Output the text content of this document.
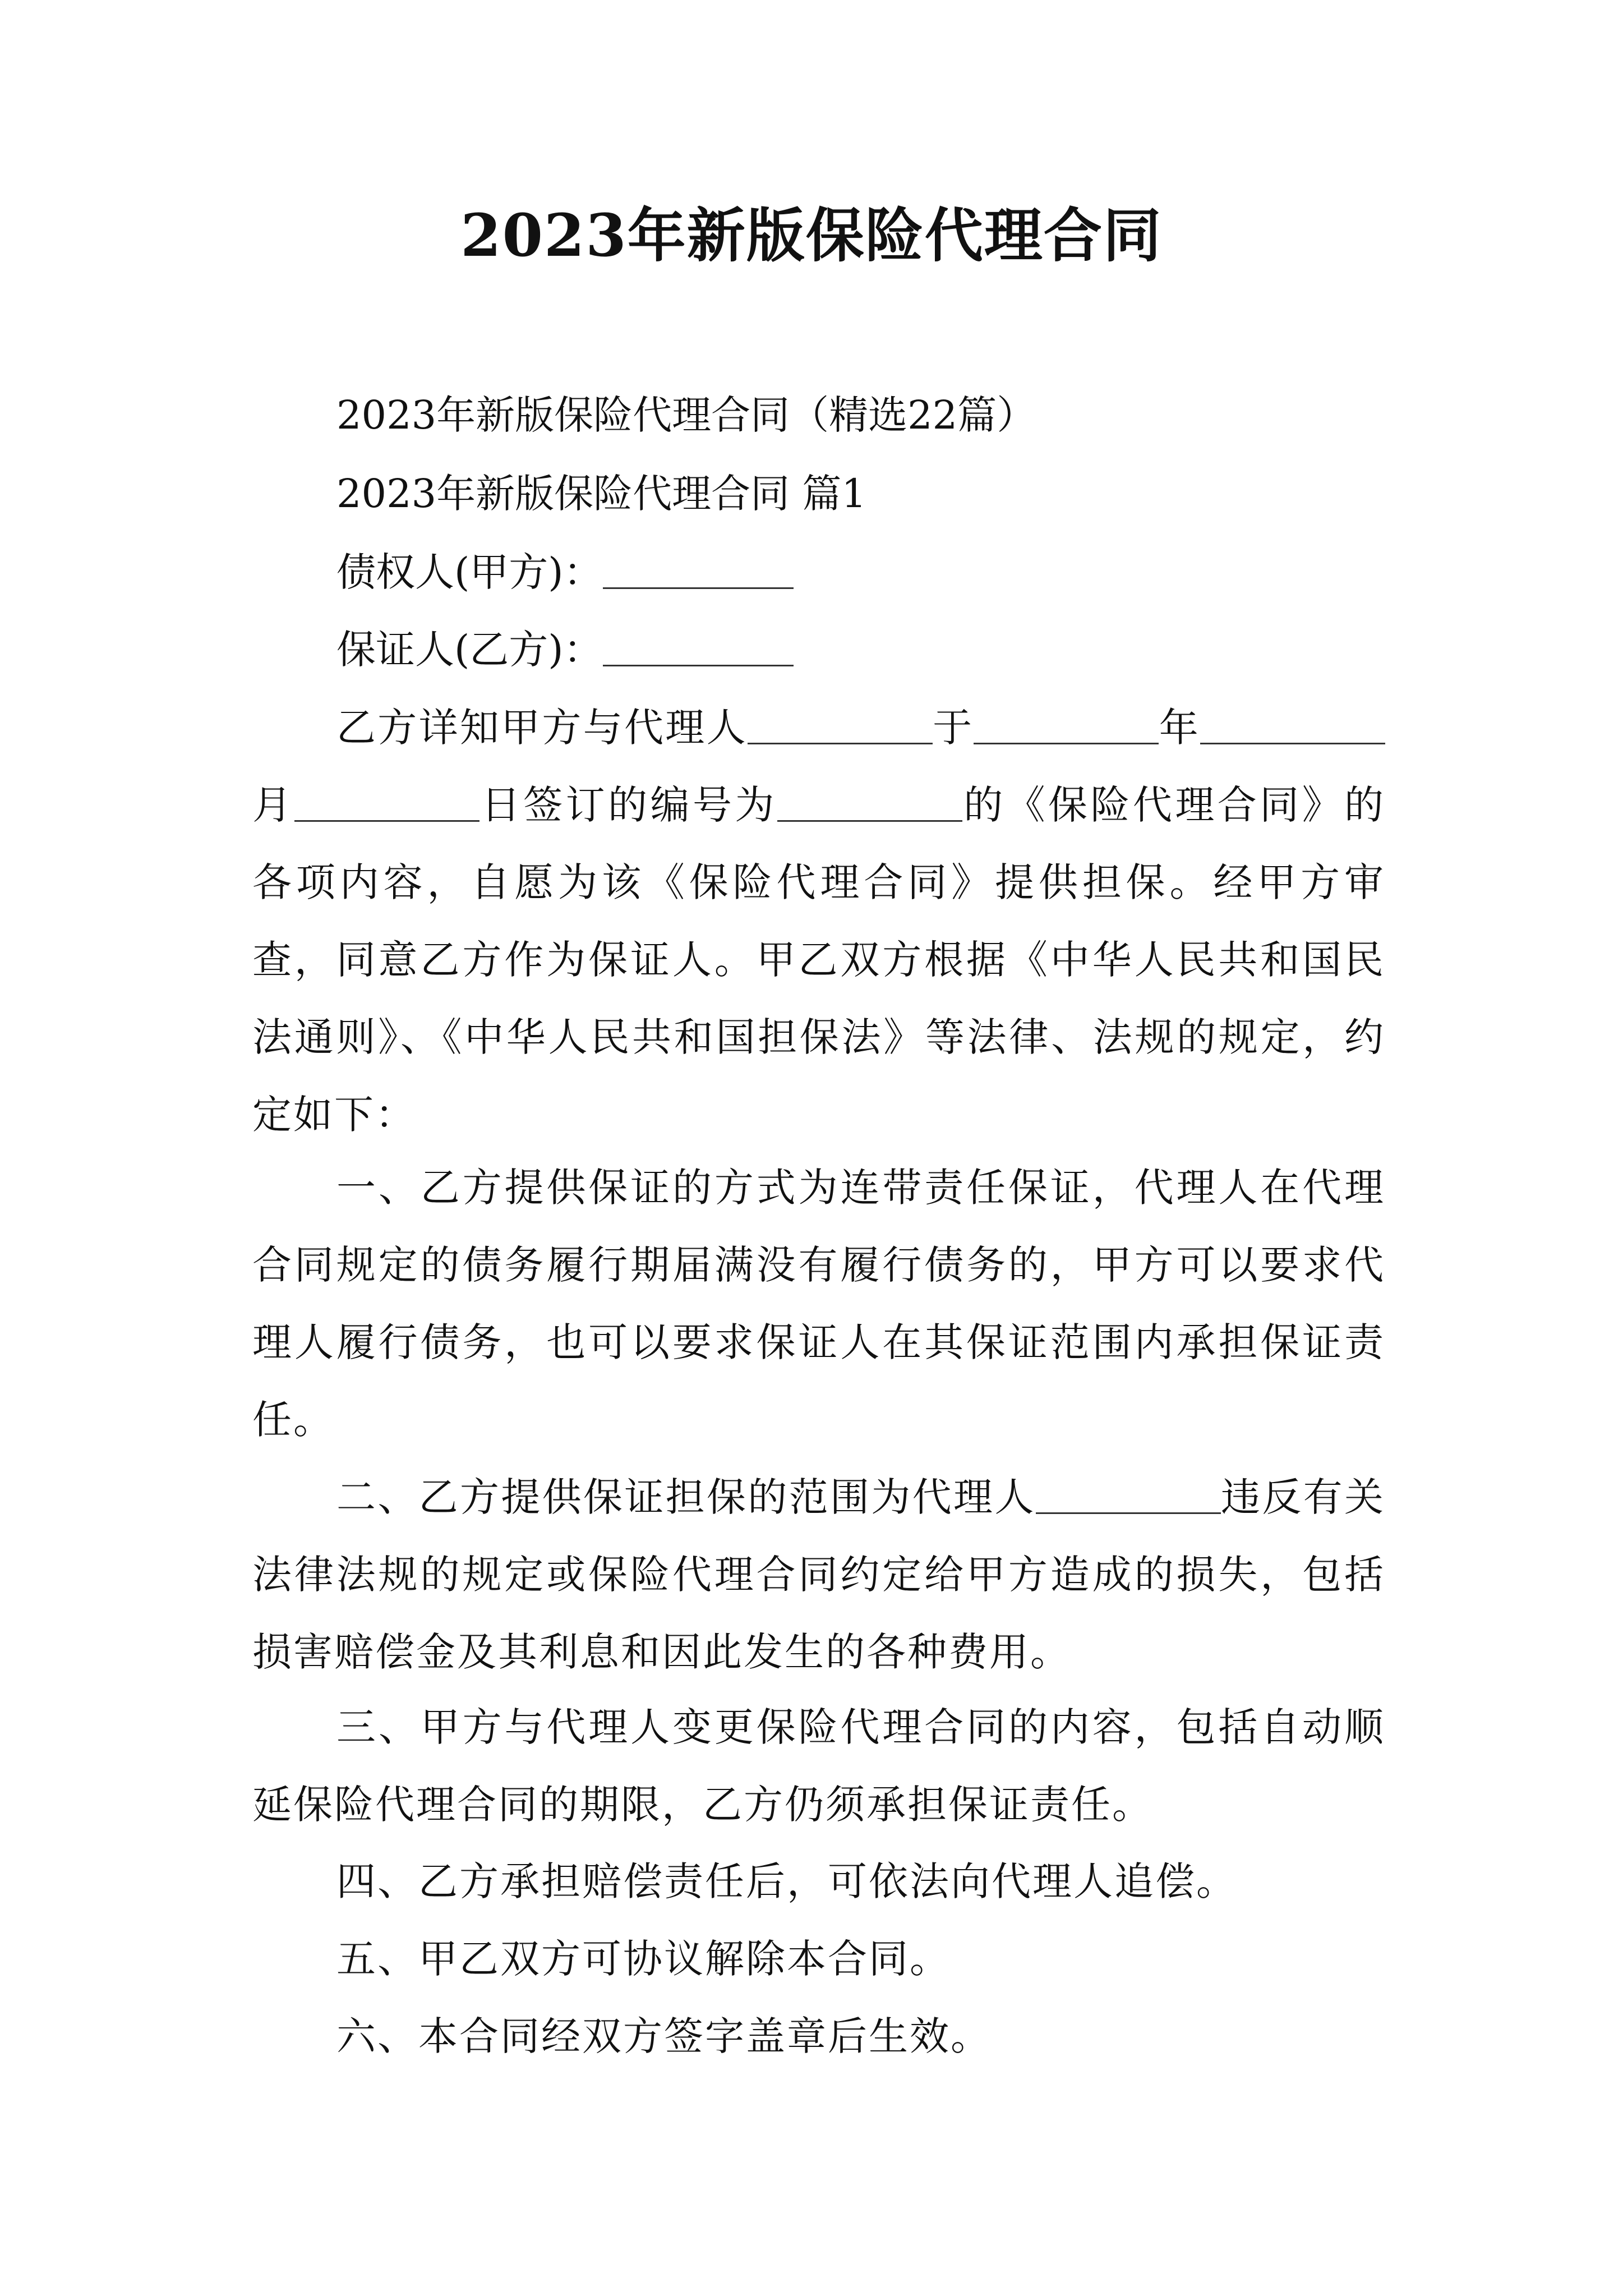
2023年新版保险代理合同
2023年新版保险代理合同（精选22篇）
2023年新版保险代理合同 篇1
债权人(甲方)：
保证人(乙方)：
乙方详知甲方与代理人	于	年月	日签订的编号为	的《保险代理合同》的各项内容，自愿为该《保险代理合同》提供担保。经甲方审查，同意乙方作为保证人。甲乙双方根据《中华人民共和国民法通则》、《中华人民共和国担保法》等法律、法规的规定，约定如下：
一、乙方提供保证的方式为连带责任保证，代理人在代理合同规定的债务履行期届满没有履行债务的，甲方可以要求代理人履行债务，也可以要求保证人在其保证范围内承担保证责任。
二、乙方提供保证担保的范围为代理人	违反有关法律法规的规定或保险代理合同约定给甲方造成的损失，包括损害赔偿金及其利息和因此发生的各种费用。
三、甲方与代理人变更保险代理合同的内容，包括自动顺延保险代理合同的期限，乙方仍须承担保证责任。
四、乙方承担赔偿责任后，可依法向代理人追偿。
五、甲乙双方可协议解除本合同。
六、本合同经双方签字盖章后生效。
